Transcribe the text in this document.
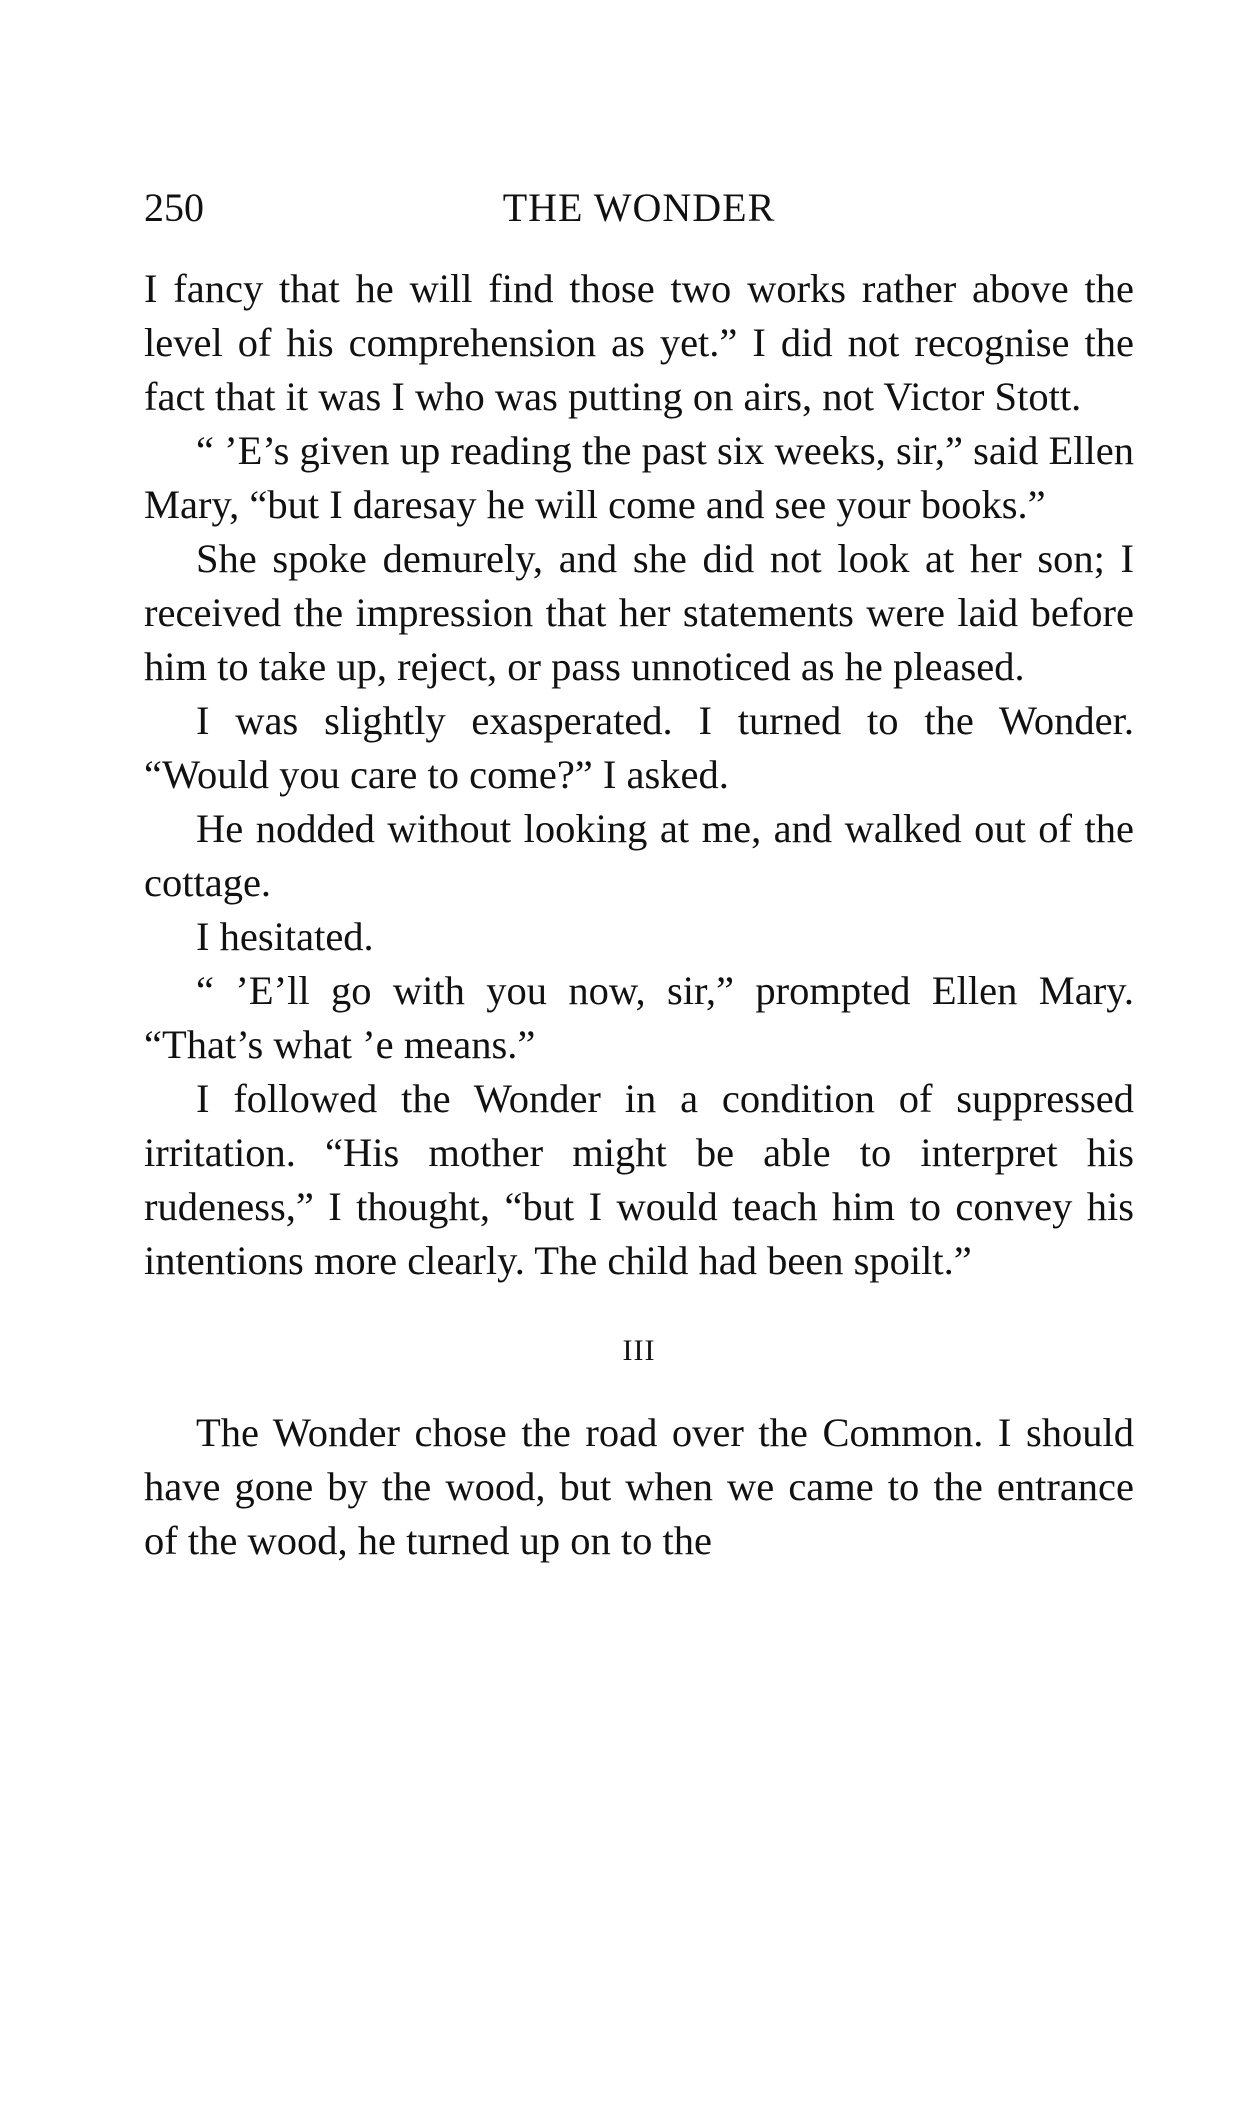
250	THE WONDER

I fancy that he will find those two works rather above the level of his comprehension as yet.” I did not recognise the fact that it was I who was putting on airs, not Victor Stott.

“ ’E’s given up reading the past six weeks, sir,” said Ellen Mary, “but I daresay he will come and see your books.”

She spoke demurely, and she did not look at her son; I received the impression that her statements were laid before him to take up, reject, or pass unnoticed as he pleased.

I was slightly exasperated. I turned to the Wonder. “Would you care to come?” I asked.

He nodded without looking at me, and walked out of the cottage.

I hesitated.

“ ’E’ll go with you now, sir,” prompted Ellen Mary. “That’s what ’e means.”

I followed the Wonder in a condition of suppressed irritation. “His mother might be able to interpret his rudeness,” I thought, “but I would teach him to convey his intentions more clearly. The child had been spoilt.”

III

The Wonder chose the road over the Common. I should have gone by the wood, but when we came to the entrance of the wood, he turned up on to the
